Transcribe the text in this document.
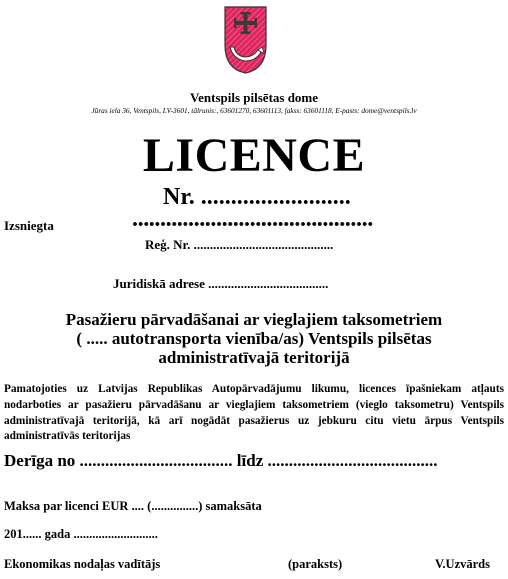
Ventspils pilsētas dome
Jūras iela 36, Ventspils, LV-3601, tālrunis:, 63601270, 63601113, fakss: 63601118, E-pasts: dome@ventspils.lv
LICENCE
Nr. .........................
Izsniegta	...........................................
Reģ. Nr. ...........................................
Juridiskā adrese .....................................
Pasažieru pārvadāšanai ar vieglajiem taksometriem
( ..... autotransporta vienība/as) Ventspils pilsētas
administratīvajā teritorijā
Pamatojoties uz Latvijas Republikas Autopārvadājumu likumu, licences īpašniekam atļauts nodarboties ar pasažieru pārvadāšanu ar vieglajiem taksometriem (vieglo taksometru) Ventspils administratīvajā teritorijā, kā arī nogādāt pasažierus uz jebkuru citu vietu ārpus Ventspils administratīvās teritorijas
Derīga no .................................... līdz ........................................
Maksa par licenci EUR .... (...............) samaksāta
201...... gada ...........................
Ekonomikas nodaļas vadītājs	(paraksts)	V.Uzvārds
